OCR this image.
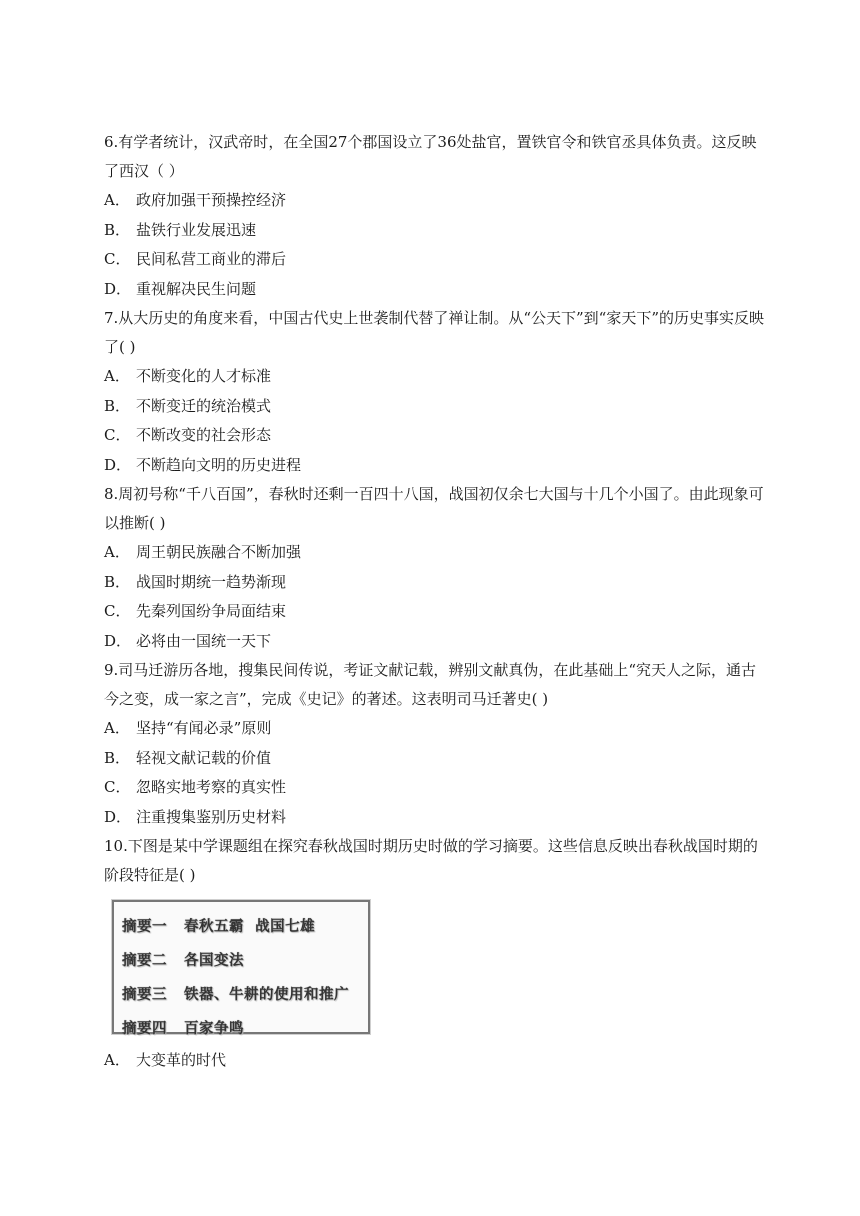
6.有学者统计，汉武帝时，在全国27个郡国设立了36处盐官，置铁官令和铁官丞具体负责。这反映了西汉（ ）

A． 政府加强干预操控经济

B． 盐铁行业发展迅速

C． 民间私营工商业的滞后

D． 重视解决民生问题

7.从大历史的角度来看，中国古代史上世袭制代替了禅让制。从“公天下”到“家天下”的历史事实反映了( )

A． 不断变化的人才标准

B． 不断变迁的统治模式

C． 不断改变的社会形态

D． 不断趋向文明的历史进程

8.周初号称“千八百国”，春秋时还剩一百四十八国，战国初仅余七大国与十几个小国了。由此现象可以推断( )

A． 周王朝民族融合不断加强

B． 战国时期统一趋势渐现

C． 先秦列国纷争局面结束

D． 必将由一国统一天下

9.司马迁游历各地，搜集民间传说，考证文献记载，辨别文献真伪，在此基础上“究天人之际，通古今之变，成一家之言”，完成《史记》的著述。这表明司马迁著史( )

A． 坚持“有闻必录”原则

B． 轻视文献记载的价值

C． 忽略实地考察的真实性

D． 注重搜集鉴别历史材料

10.下图是某中学课题组在探究春秋战国时期历史时做的学习摘要。这些信息反映出春秋战国时期的阶段特征是( )

摘要一 春秋五霸  战国七雄
摘要二 各国变法
摘要三 铁器、牛耕的使用和推广
摘要四 百家争鸣

A． 大变革的时代
